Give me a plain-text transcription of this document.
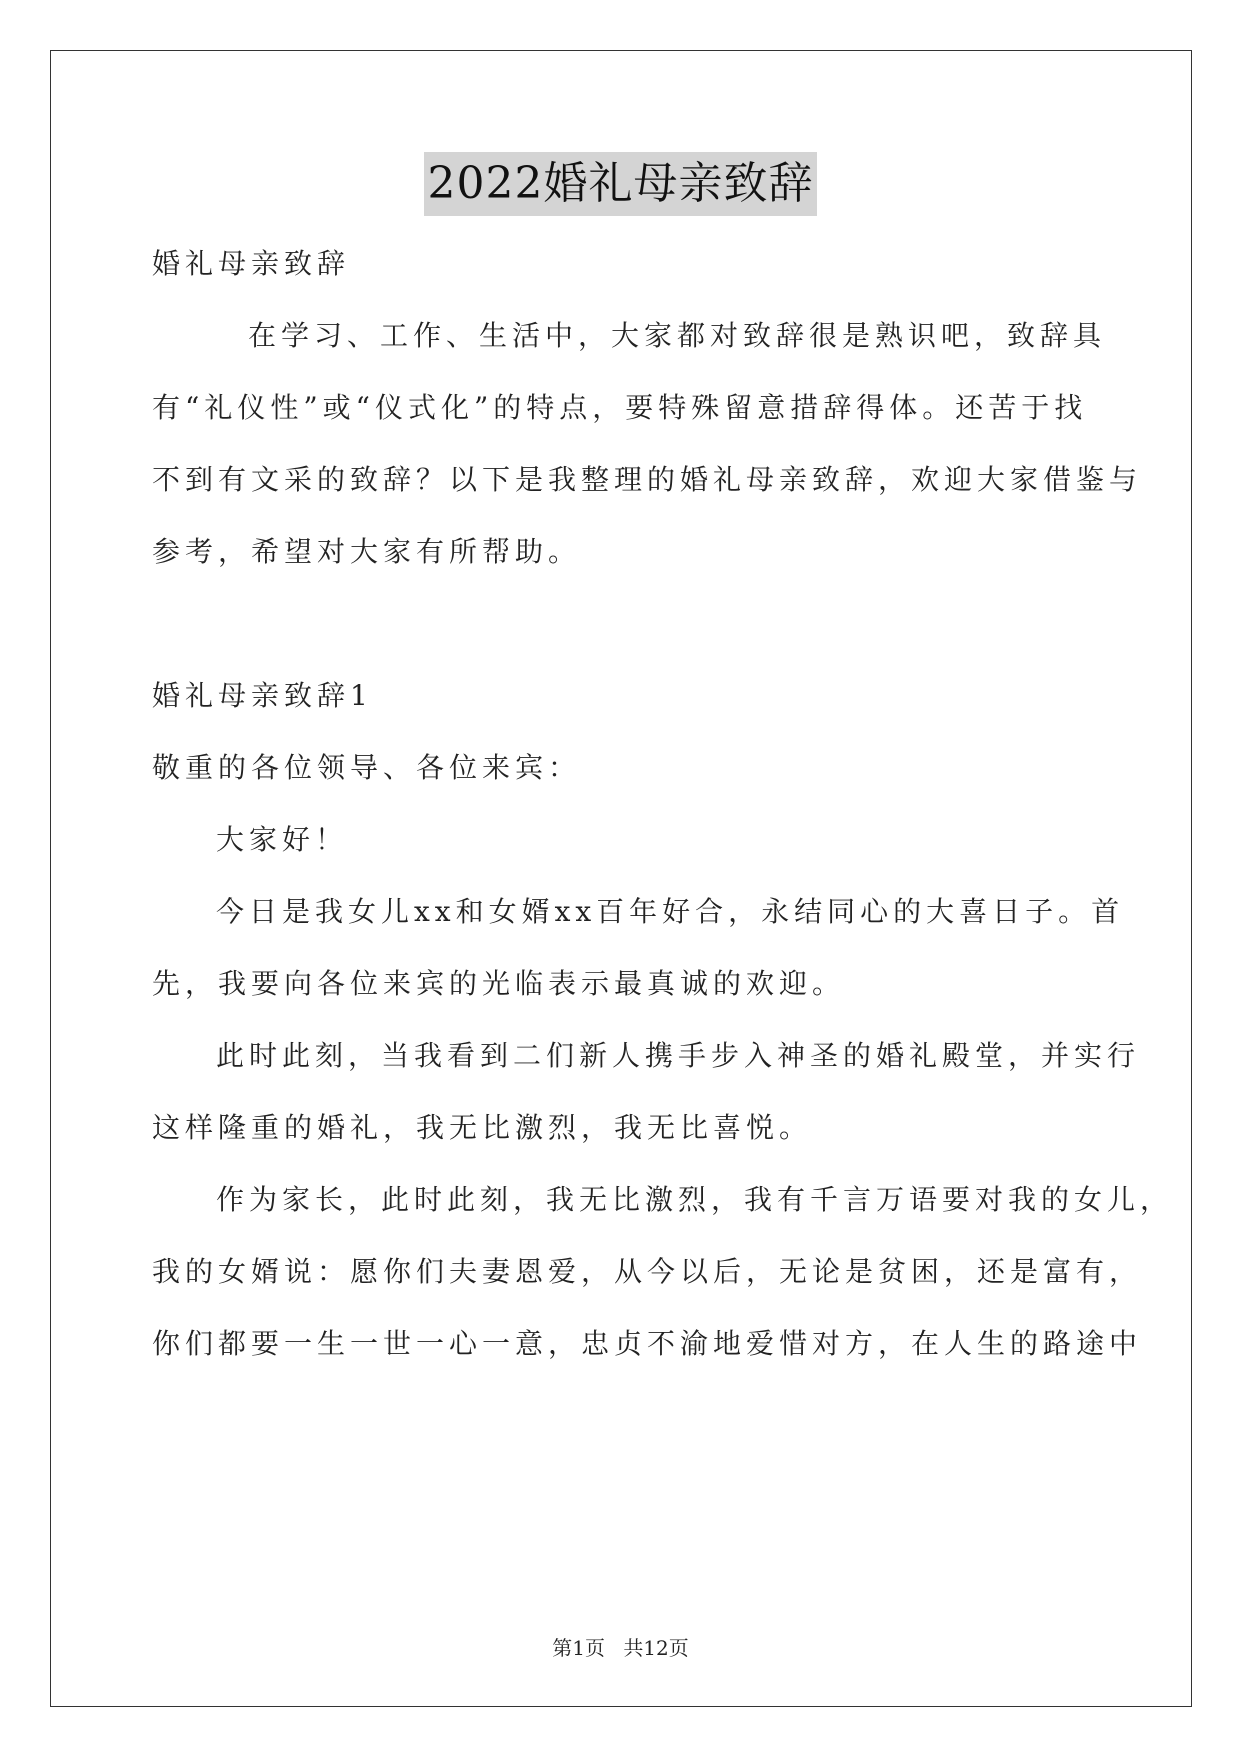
2022婚礼母亲致辞
婚礼母亲致辞
在学习、工作、生活中，大家都对致辞很是熟识吧，致辞具
有“礼仪性”或“仪式化”的特点，要特殊留意措辞得体。还苦于找
不到有文采的致辞？以下是我整理的婚礼母亲致辞，欢迎大家借鉴与
参考，希望对大家有所帮助。
婚礼母亲致辞1
敬重的各位领导、各位来宾：
大家好！
今日是我女儿xx和女婿xx百年好合，永结同心的大喜日子。首
先，我要向各位来宾的光临表示最真诚的欢迎。
此时此刻，当我看到二们新人携手步入神圣的婚礼殿堂，并实行
这样隆重的婚礼，我无比激烈，我无比喜悦。
作为家长，此时此刻，我无比激烈，我有千言万语要对我的女儿，
我的女婿说：愿你们夫妻恩爱，从今以后，无论是贫困，还是富有，
你们都要一生一世一心一意，忠贞不渝地爱惜对方，在人生的路途中
第1页 共12页
